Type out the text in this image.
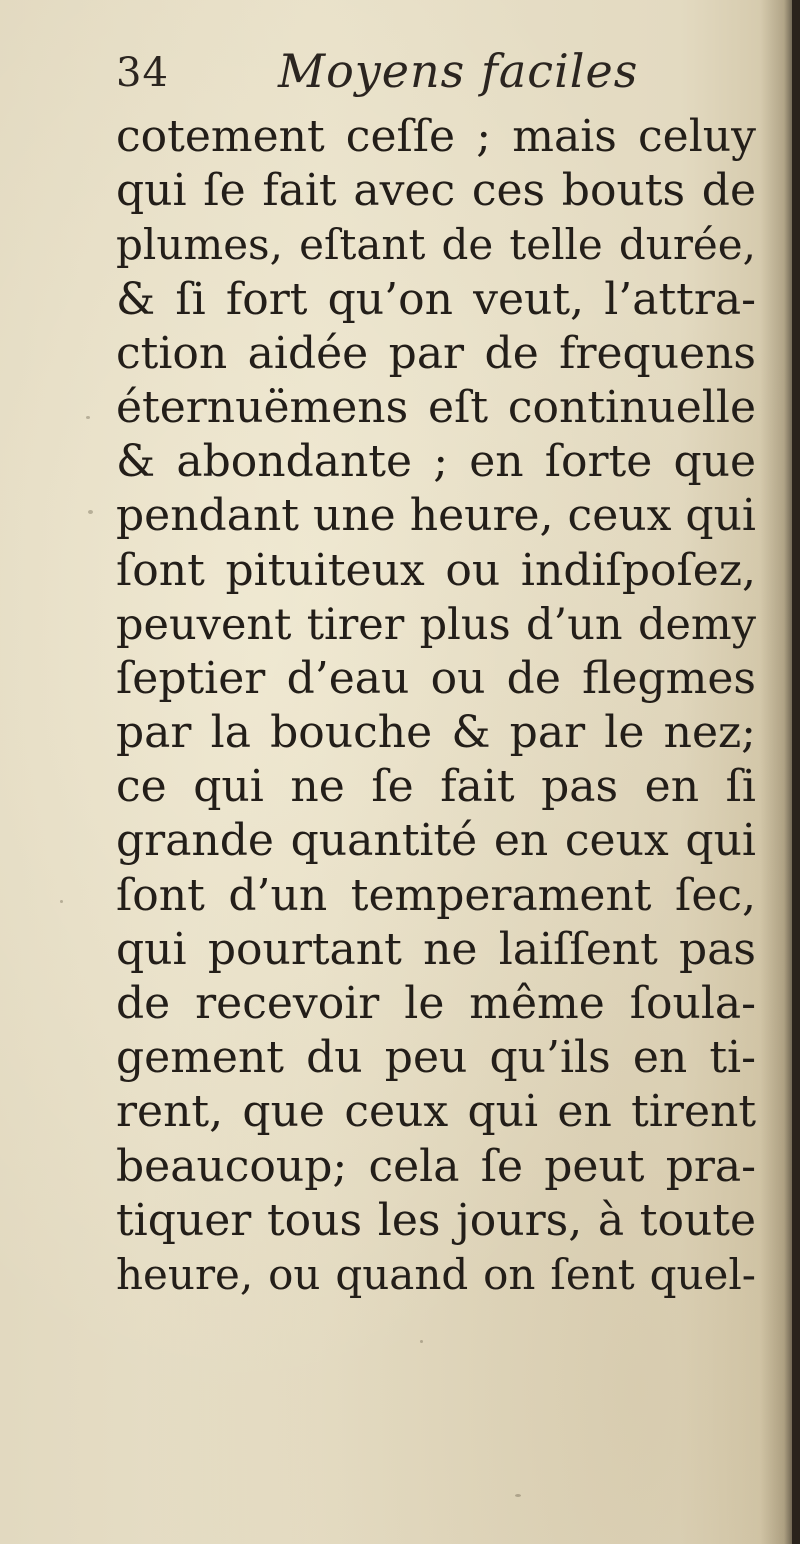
34 Moyens faciles
cotement ceſſe ; mais celuy
qui ſe fait avec ces bouts de
plumes, eſtant de telle durée,
& ſi fort qu’on veut, l’attra-
ction aidée par de frequens
éternuëmens eſt continuelle
& abondante ; en ſorte que
pendant une heure, ceux qui
ſont pituiteux ou indiſpoſez,
peuvent tirer plus d’un demy
ſeptier d’eau ou de flegmes
par la bouche & par le nez;
ce qui ne ſe fait pas en ſi
grande quantité en ceux qui
ſont d’un temperament ſec,
qui pourtant ne laiſſent pas
de recevoir le même ſoula-
gement du peu qu’ils en ti-
rent, que ceux qui en tirent
beaucoup; cela ſe peut pra-
tiquer tous les jours, à toute
heure, ou quand on ſent quel-
